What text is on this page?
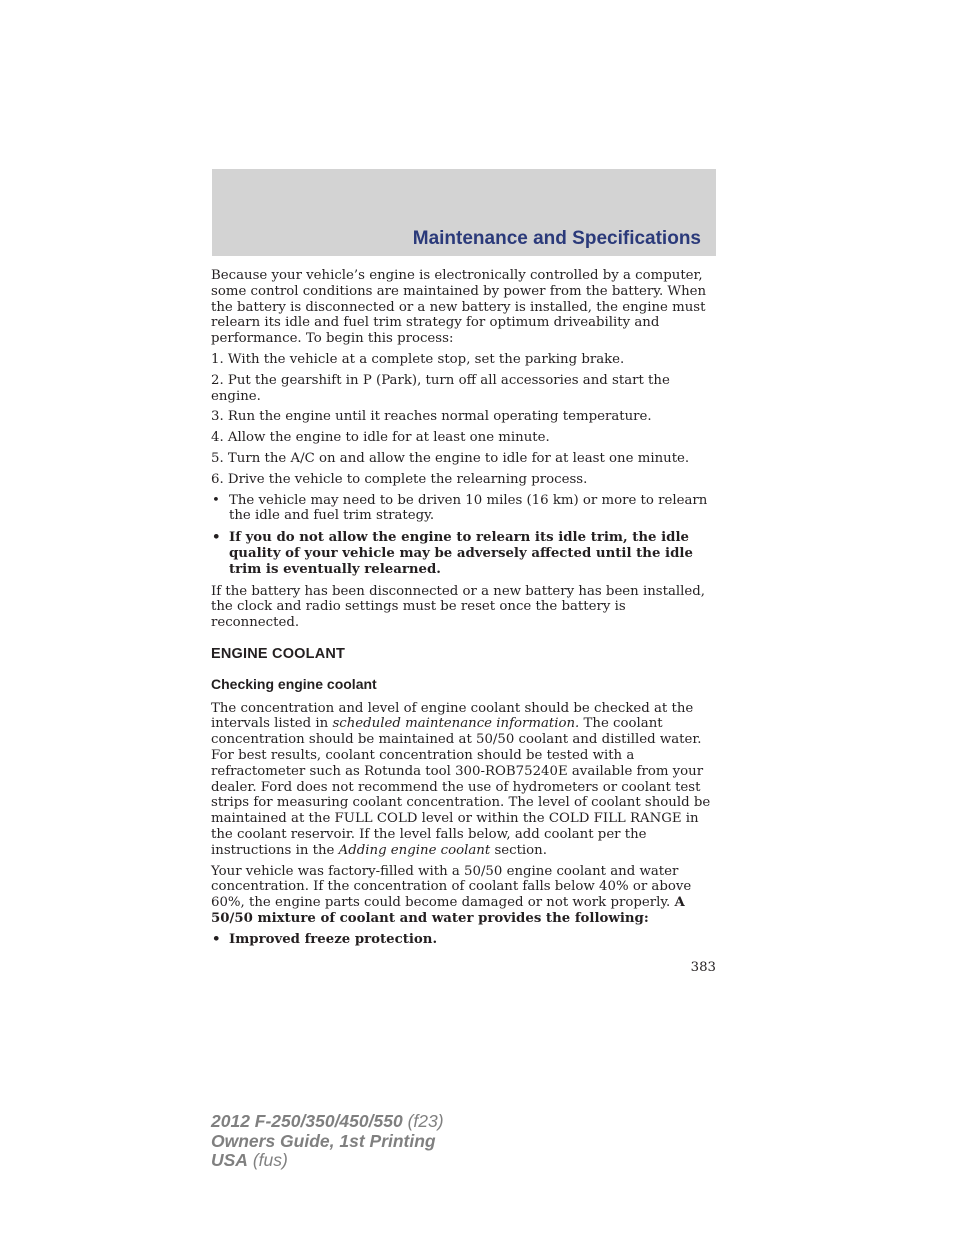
Maintenance and Specifications

Because your vehicle’s engine is electronically controlled by a computer, some control conditions are maintained by power from the battery. When the battery is disconnected or a new battery is installed, the engine must relearn its idle and fuel trim strategy for optimum driveability and performance. To begin this process:

1. With the vehicle at a complete stop, set the parking brake.
2. Put the gearshift in P (Park), turn off all accessories and start the engine.
3. Run the engine until it reaches normal operating temperature.
4. Allow the engine to idle for at least one minute.
5. Turn the A/C on and allow the engine to idle for at least one minute.
6. Drive the vehicle to complete the relearning process.
• The vehicle may need to be driven 10 miles (16 km) or more to relearn the idle and fuel trim strategy.
• If you do not allow the engine to relearn its idle trim, the idle quality of your vehicle may be adversely affected until the idle trim is eventually relearned.

If the battery has been disconnected or a new battery has been installed, the clock and radio settings must be reset once the battery is reconnected.

ENGINE COOLANT
Checking engine coolant

The concentration and level of engine coolant should be checked at the intervals listed in scheduled maintenance information. The coolant concentration should be maintained at 50/50 coolant and distilled water. For best results, coolant concentration should be tested with a refractometer such as Rotunda tool 300-ROB75240E available from your dealer. Ford does not recommend the use of hydrometers or coolant test strips for measuring coolant concentration. The level of coolant should be maintained at the FULL COLD level or within the COLD FILL RANGE in the coolant reservoir. If the level falls below, add coolant per the instructions in the Adding engine coolant section.

Your vehicle was factory-filled with a 50/50 engine coolant and water concentration. If the concentration of coolant falls below 40% or above 60%, the engine parts could become damaged or not work properly. A 50/50 mixture of coolant and water provides the following:

• Improved freeze protection.
383
2012 F-250/350/450/550 (f23)
Owners Guide, 1st Printing
USA (fus)
